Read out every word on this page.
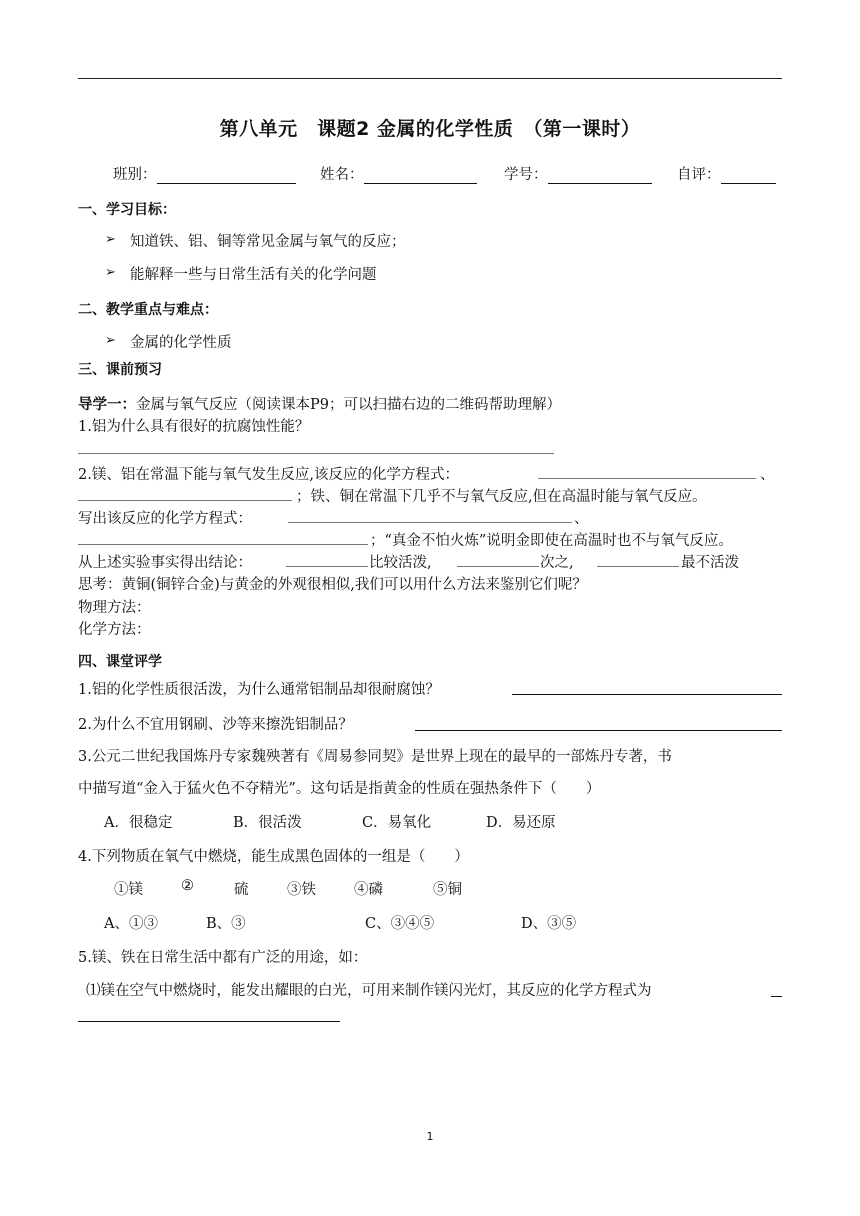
第八单元　课题2 金属的化学性质　（第一课时）
班别：	姓名：	学号：	自评：
一、学习目标：
➢ 知道铁、铝、铜等常见金属与氧气的反应；
➢ 能解释一些与日常生活有关的化学问题
二、教学重点与难点：
➢ 金属的化学性质
三、课前预习
导学一：金属与氧气反应（阅读课本P9；可以扫描右边的二维码帮助理解）
1.铝为什么具有很好的抗腐蚀性能？
2.镁、铝在常温下能与氧气发生反应,该反应的化学方程式：	、
；铁、铜在常温下几乎不与氧气反应,但在高温时能与氧气反应。
写出该反应的化学方程式：	、
；“真金不怕火炼”说明金即使在高温时也不与氧气反应。
从上述实验事实得出结论：	比较活泼,	次之,	最不活泼
思考：黄铜(铜锌合金)与黄金的外观很相似,我们可以用什么方法来鉴别它们呢？
物理方法：
化学方法：
四、课堂评学
1.铝的化学性质很活泼，为什么通常铝制品却很耐腐蚀？
2.为什么不宜用钢刷、沙等来擦洗铝制品？
3.公元二世纪我国炼丹专家魏殃著有《周易参同契》是世界上现在的最早的一部炼丹专著，书
中描写道“金入于猛火色不夺精光”。这句话是指黄金的性质在强热条件下（　　）
A．很稳定	B．很活泼	C．易氧化	D．易还原
4.下列物质在氧气中燃烧，能生成黑色固体的一组是（　　）
①镁	②	硫	③铁	④磷	⑤铜
A、①③	B、③	C、③④⑤	D、③⑤
5.镁、铁在日常生活中都有广泛的用途，如：
⑴镁在空气中燃烧时，能发出耀眼的白光，可用来制作镁闪光灯，其反应的化学方程式为
1
